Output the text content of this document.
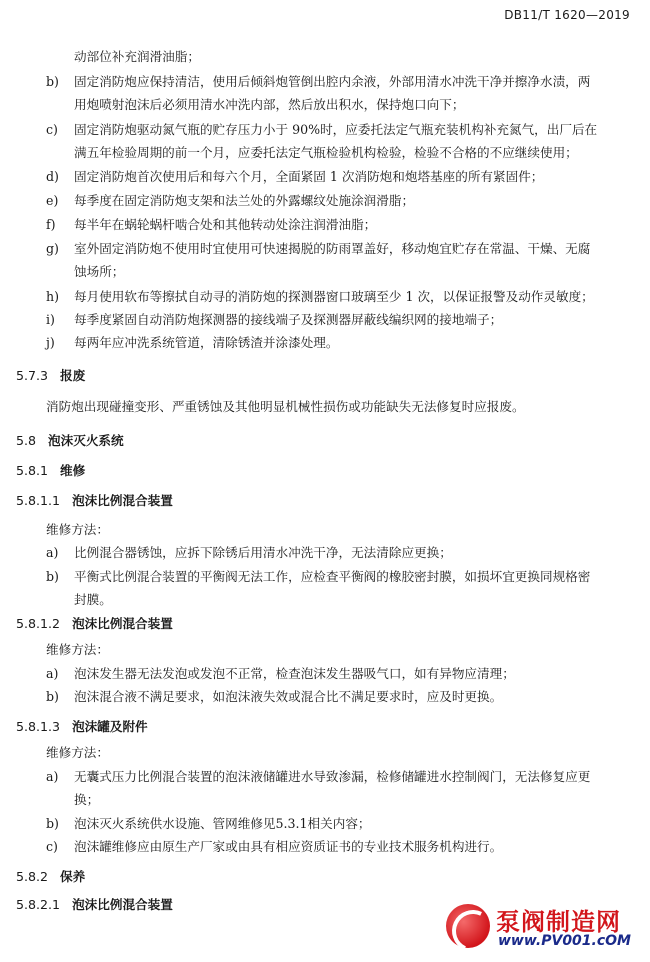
DB11/T 1620—2019
动部位补充润滑油脂；
b) 固定消防炮应保持清洁，使用后倾斜炮管倒出腔内余液，外部用清水冲洗干净并擦净水渍，两
用炮喷射泡沫后必须用清水冲洗内部，然后放出积水，保持炮口向下；
c) 固定消防炮驱动氮气瓶的贮存压力小于 90%时，应委托法定气瓶充装机构补充氮气，出厂后在
满五年检验周期的前一个月，应委托法定气瓶检验机构检验，检验不合格的不应继续使用；
d) 固定消防炮首次使用后和每六个月，全面紧固 1 次消防炮和炮塔基座的所有紧固件；
e) 每季度在固定消防炮支架和法兰处的外露螺纹处施涂润滑脂；
f) 每半年在蜗轮蜗杆啮合处和其他转动处涂注润滑油脂；
g) 室外固定消防炮不使用时宜使用可快速揭脱的防雨罩盖好，移动炮宜贮存在常温、干燥、无腐
蚀场所；
h) 每月使用软布等擦拭自动寻的消防炮的探测器窗口玻璃至少 1 次，以保证报警及动作灵敏度；
i) 每季度紧固自动消防炮探测器的接线端子及探测器屏蔽线编织网的接地端子；
j) 每两年应冲洗系统管道，清除锈渣并涂漆处理。
5.7.3 报废
消防炮出现碰撞变形、严重锈蚀及其他明显机械性损伤或功能缺失无法修复时应报废。
5.8 泡沫灭火系统
5.8.1 维修
5.8.1.1 泡沫比例混合装置
维修方法：
a) 比例混合器锈蚀，应拆下除锈后用清水冲洗干净，无法清除应更换；
b) 平衡式比例混合装置的平衡阀无法工作，应检查平衡阀的橡胶密封膜，如损坏宜更换同规格密
封膜。
5.8.1.2 泡沫比例混合装置
维修方法：
a) 泡沫发生器无法发泡或发泡不正常，检查泡沫发生器吸气口，如有异物应清理；
b) 泡沫混合液不满足要求，如泡沫液失效或混合比不满足要求时，应及时更换。
5.8.1.3 泡沫罐及附件
维修方法：
a) 无囊式压力比例混合装置的泡沫液储罐进水导致渗漏，检修储罐进水控制阀门，无法修复应更
换；
b) 泡沫灭火系统供水设施、管网维修见5.3.1相关内容；
c) 泡沫罐维修应由原生产厂家或由具有相应资质证书的专业技术服务机构进行。
5.8.2 保养
5.8.2.1 泡沫比例混合装置
泵阀制造网
www.PV001.cOM
